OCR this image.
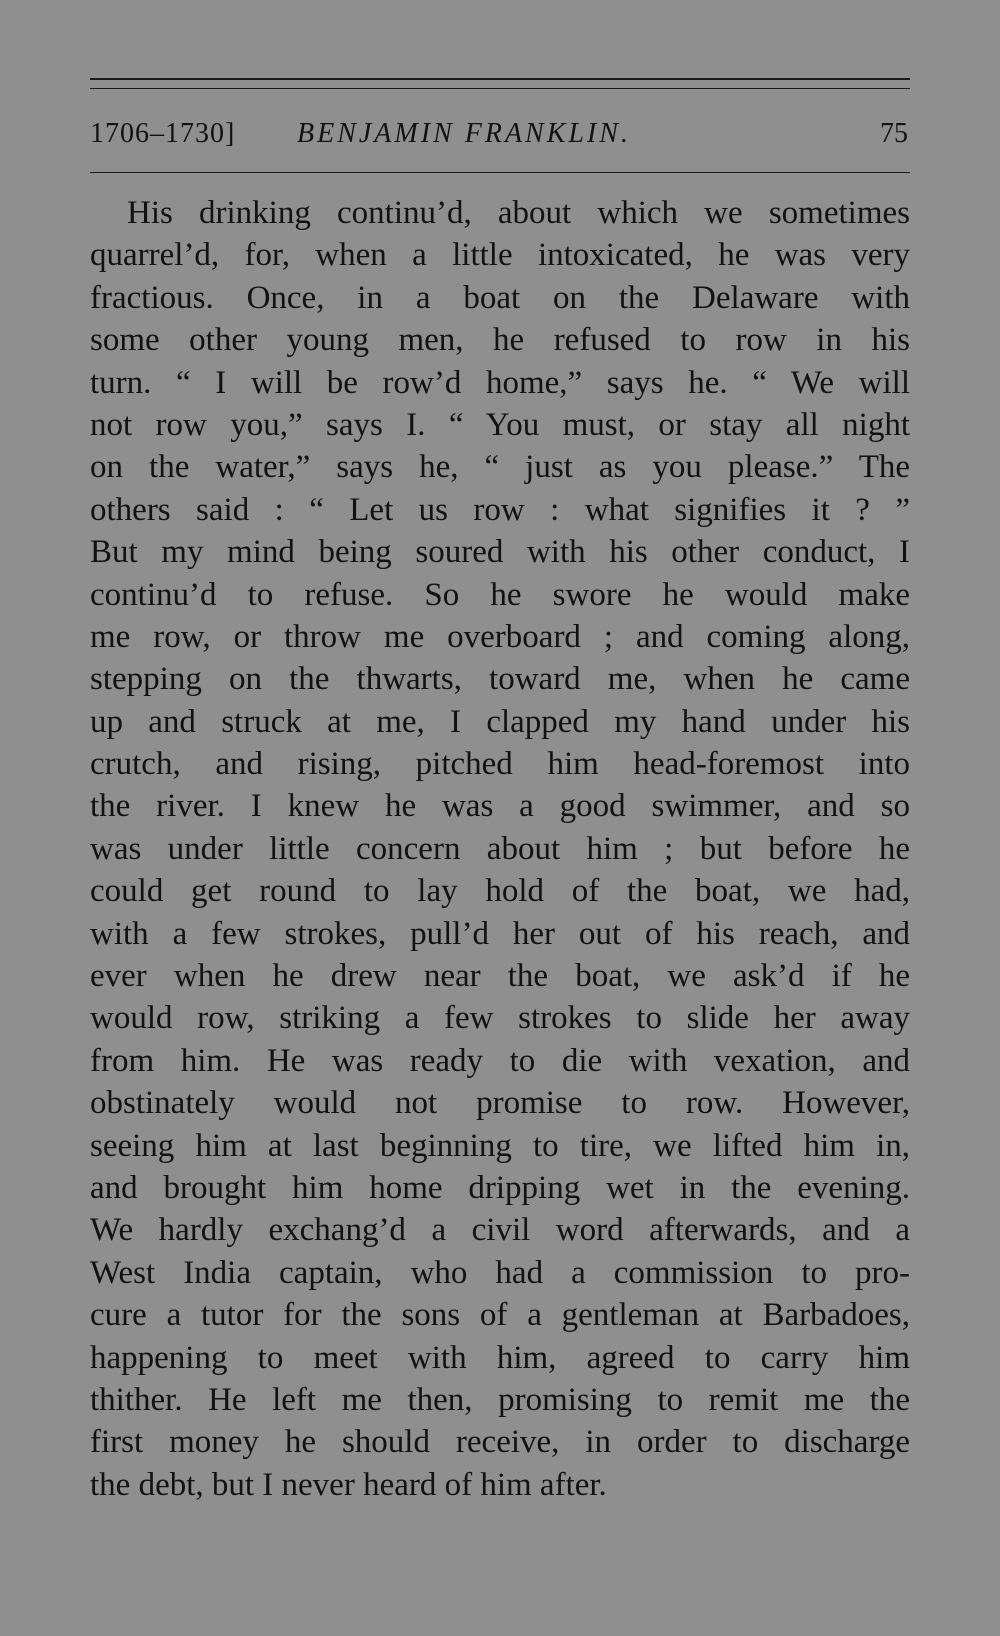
1706–1730] BENJAMIN FRANKLIN.	75
His drinking continu’d, about which we sometimes
quarrel’d, for, when a little intoxicated, he was very
fractious. Once, in a boat on the Delaware with
some other young men, he refused to row in his
turn. “ I will be row’d home,” says he. “ We will
not row you,” says I. “ You must, or stay all night
on the water,” says he, “ just as you please.” The
others said : “ Let us row : what signifies it ? ”
But my mind being soured with his other conduct, I
continu’d to refuse. So he swore he would make
me row, or throw me overboard ; and coming along,
stepping on the thwarts, toward me, when he came
up and struck at me, I clapped my hand under his
crutch, and rising, pitched him head-foremost into
the river. I knew he was a good swimmer, and so
was under little concern about him ; but before he
could get round to lay hold of the boat, we had,
with a few strokes, pull’d her out of his reach, and
ever when he drew near the boat, we ask’d if he
would row, striking a few strokes to slide her away
from him. He was ready to die with vexation, and
obstinately would not promise to row. However,
seeing him at last beginning to tire, we lifted him in,
and brought him home dripping wet in the evening.
We hardly exchang’d a civil word afterwards, and a
West India captain, who had a commission to pro-
cure a tutor for the sons of a gentleman at Barbadoes,
happening to meet with him, agreed to carry him
thither. He left me then, promising to remit me the
first money he should receive, in order to discharge
the debt, but I never heard of him after.
